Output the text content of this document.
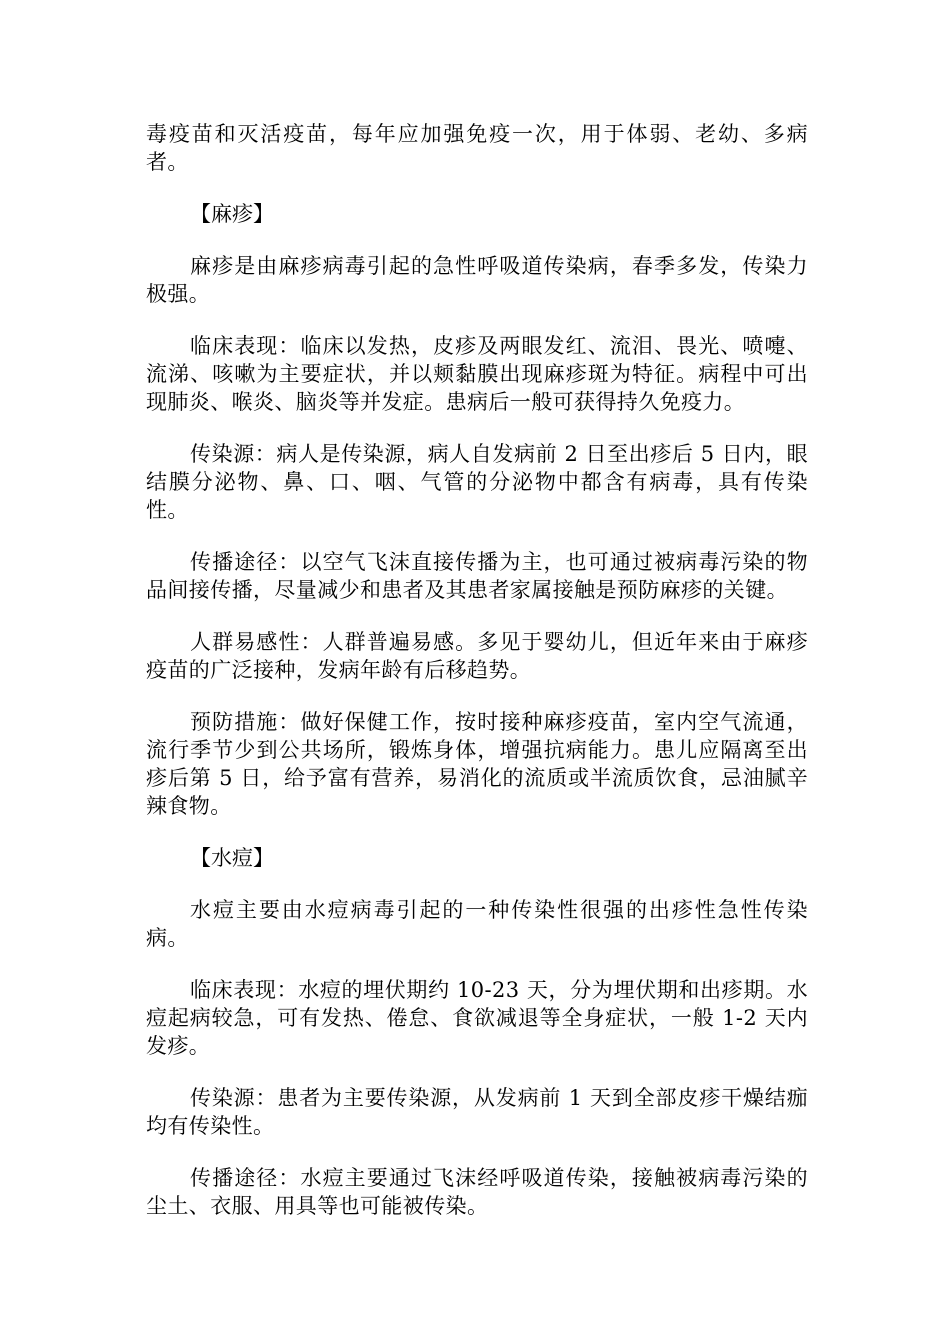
毒疫苗和灭活疫苗，每年应加强免疫一次，用于体弱、老幼、多病者。

【麻疹】

麻疹是由麻疹病毒引起的急性呼吸道传染病，春季多发，传染力极强。

临床表现：临床以发热，皮疹及两眼发红、流泪、畏光、喷嚏、流涕、咳嗽为主要症状，并以颊黏膜出现麻疹斑为特征。病程中可出现肺炎、喉炎、脑炎等并发症。患病后一般可获得持久免疫力。

传染源：病人是传染源，病人自发病前 2 日至出疹后 5 日内，眼结膜分泌物、鼻、口、咽、气管的分泌物中都含有病毒，具有传染性。

传播途径：以空气飞沫直接传播为主，也可通过被病毒污染的物品间接传播，尽量减少和患者及其患者家属接触是预防麻疹的关键。

人群易感性：人群普遍易感。多见于婴幼儿，但近年来由于麻疹疫苗的广泛接种，发病年龄有后移趋势。

预防措施：做好保健工作，按时接种麻疹疫苗，室内空气流通，流行季节少到公共场所，锻炼身体，增强抗病能力。患儿应隔离至出疹后第 5 日，给予富有营养，易消化的流质或半流质饮食，忌油腻辛辣食物。

【水痘】

水痘主要由水痘病毒引起的一种传染性很强的出疹性急性传染病。

临床表现：水痘的埋伏期约 10-23 天，分为埋伏期和出疹期。水痘起病较急，可有发热、倦怠、食欲减退等全身症状，一般 1-2 天内发疹。

传染源：患者为主要传染源，从发病前 1 天到全部皮疹干燥结痂均有传染性。

传播途径：水痘主要通过飞沫经呼吸道传染，接触被病毒污染的尘土、衣服、用具等也可能被传染。
